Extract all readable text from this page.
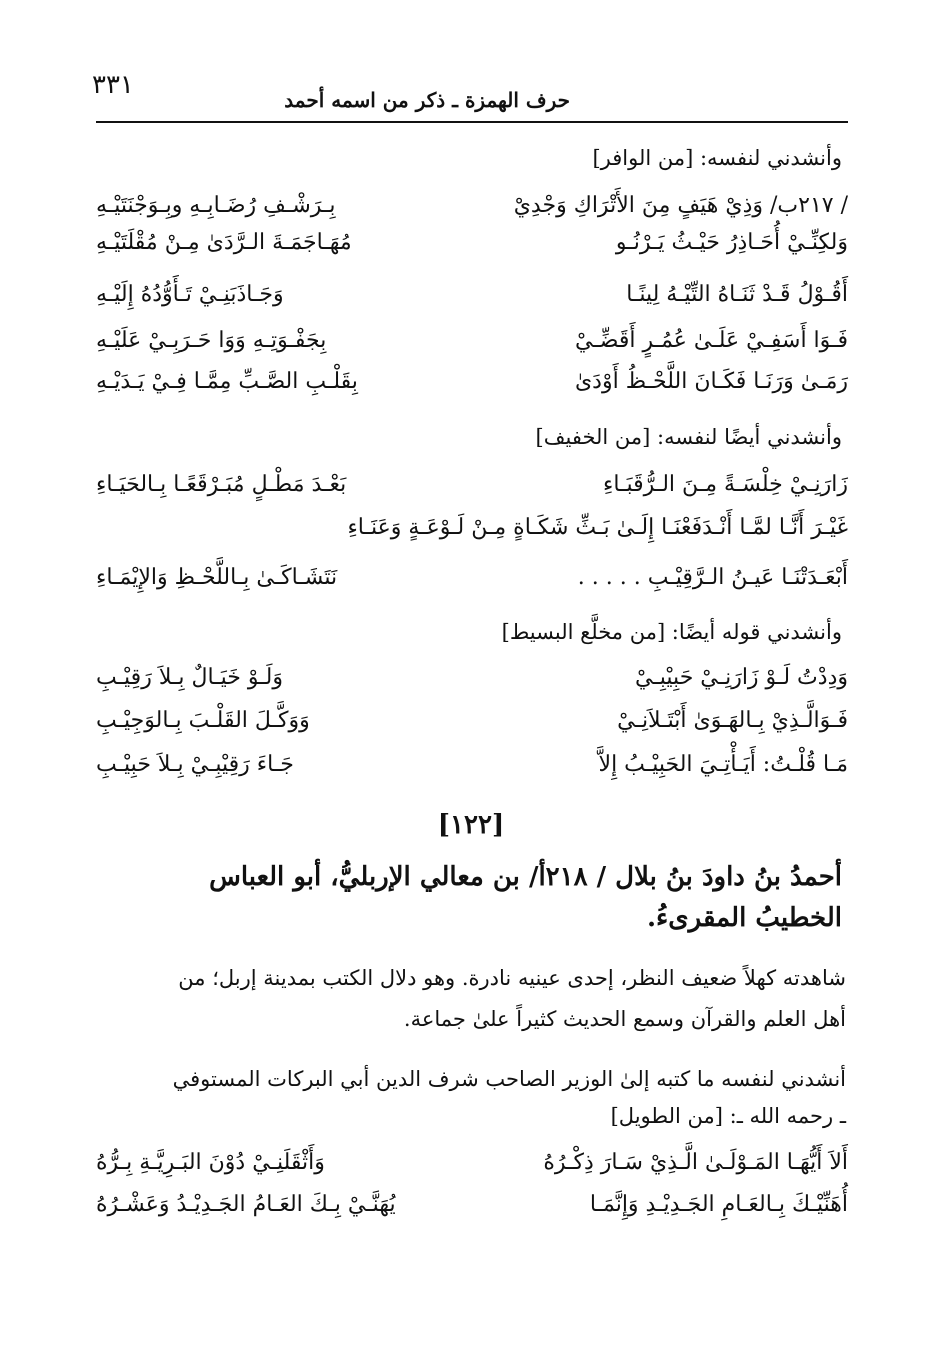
٣٣١	حرف الهمزة ـ ذكر من اسمه أحمد
وأنشدني لنفسه: [من الوافر]
/ ٢١٧ب/ وَذِيْ هَيَفٍ مِنَ الأَتْرَاكِ وَجْدِيْ
بِـرَشْـفِ رُضَـابِـهِ وبِـوَجْنَتَيْـهِ
وَلكِنِّـيْ أُحَـاذِرُ حَيْـثُ يَـرْنُـو
مُهَـاجَمَـةَ الـرَّدَىٰ مِـنْ مُقْلَتَيْـهِ
أَقُـوْلُ قَـدْ ثَنَـاهُ التِّيْـهُ لِينًـا
وَجَـاذَبَنِـيْ تَـأَوُّدُهُ إِلَيْـهِ
فَـوَا أَسَفِـيْ عَلَـىٰ عُمُـرٍ أَقَضِّـيْ
بِجَفْـوَتِـهِ وَوَا حَـرَبِـيْ عَلَيْـهِ
رَمَـىٰ وَرَنَـا فَكَـانَ اللَّحْـظُ أَوْدَىٰ
بِقَلْـبِ الصَّـبِّ مِمَّـا فِـيْ يَـدَيْـهِ
وأنشدني أيضًا لنفسه: [من الخفيف]
زَارَنِـيْ خِلْسَـةً مِـنَ الـرُّقَبَـاءِ
بَعْـدَ مَطْـلٍ مُبَـرْقَعًـا بِـالحَيَـاءِ
غَيْـرَ أَنَّـا لمَّـا أَنْـدَفَعْنَـا إِلَـىٰ بَـثِّ شَكَـاةٍ مِـنْ لَـوْعَـةٍ وَعَنَـاءِ
أَبْعَـدَتْنَـا عَيـنُ الـرَّقِيْـبِ . . . . .
نَتَشَـاكَـىٰ بِـاللَّحْـظِ وَالإِيْمَـاءِ
وأنشدني قوله أيضًا: [من مخلَّع البسيط]
وَدِدْتُ لَـوْ زَارَنِـيْ حَبِيْبِـيْ
وَلَـوْ خَيَـالٌ بِـلاَ رَقِيْـبِ
فَـوَالَّـذِيْ بِـالهَـوَىٰ أَبْتَـلاَنِـيْ
وَوَكَّـلَ القَلْـبَ بِـالوَجِيْـبِ
مَـا قُلْـتُ: أَيَـأْتِـيَ الحَبِيْـبُ إِلاَّ
جَـاءَ رَقِيْبِـيْ بِـلاَ حَبِيْـبِ
[١٢٢]
أحمدُ بنُ داودَ بنُ بلال / ٢١٨أ/ بن معالي الإربليُّ، أبو العباس
الخطيبُ المقرىءُ.
شاهدته كهلاً ضعيف النظر، إحدى عينيه نادرة. وهو دلال الكتب بمدينة إربل؛ من
أهل العلم والقرآن وسمع الحديث كثيراً علىٰ جماعة.
أنشدني لنفسه ما كتبه إلىٰ الوزير الصاحب شرف الدين أبي البركات المستوفي
ـ رحمه الله ـ: [من الطويل]
أَلاَ أَيُّهَـا المَـوْلَـىٰ الَّـذِيْ سَـارَ ذِكْـرُهُ
وَأَثْقَلَنِـيْ دُوْنَ البَـرِيَّـةِ بِـرُّهُ
أُهَنِّيْـكَ بِـالعَـامِ الجَـدِيْـدِ وَإِنَّمَـا
يُهَنَّـيْ بِـكَ العَـامُ الجَـدِيْـدُ وَعَشْـرُهُ
